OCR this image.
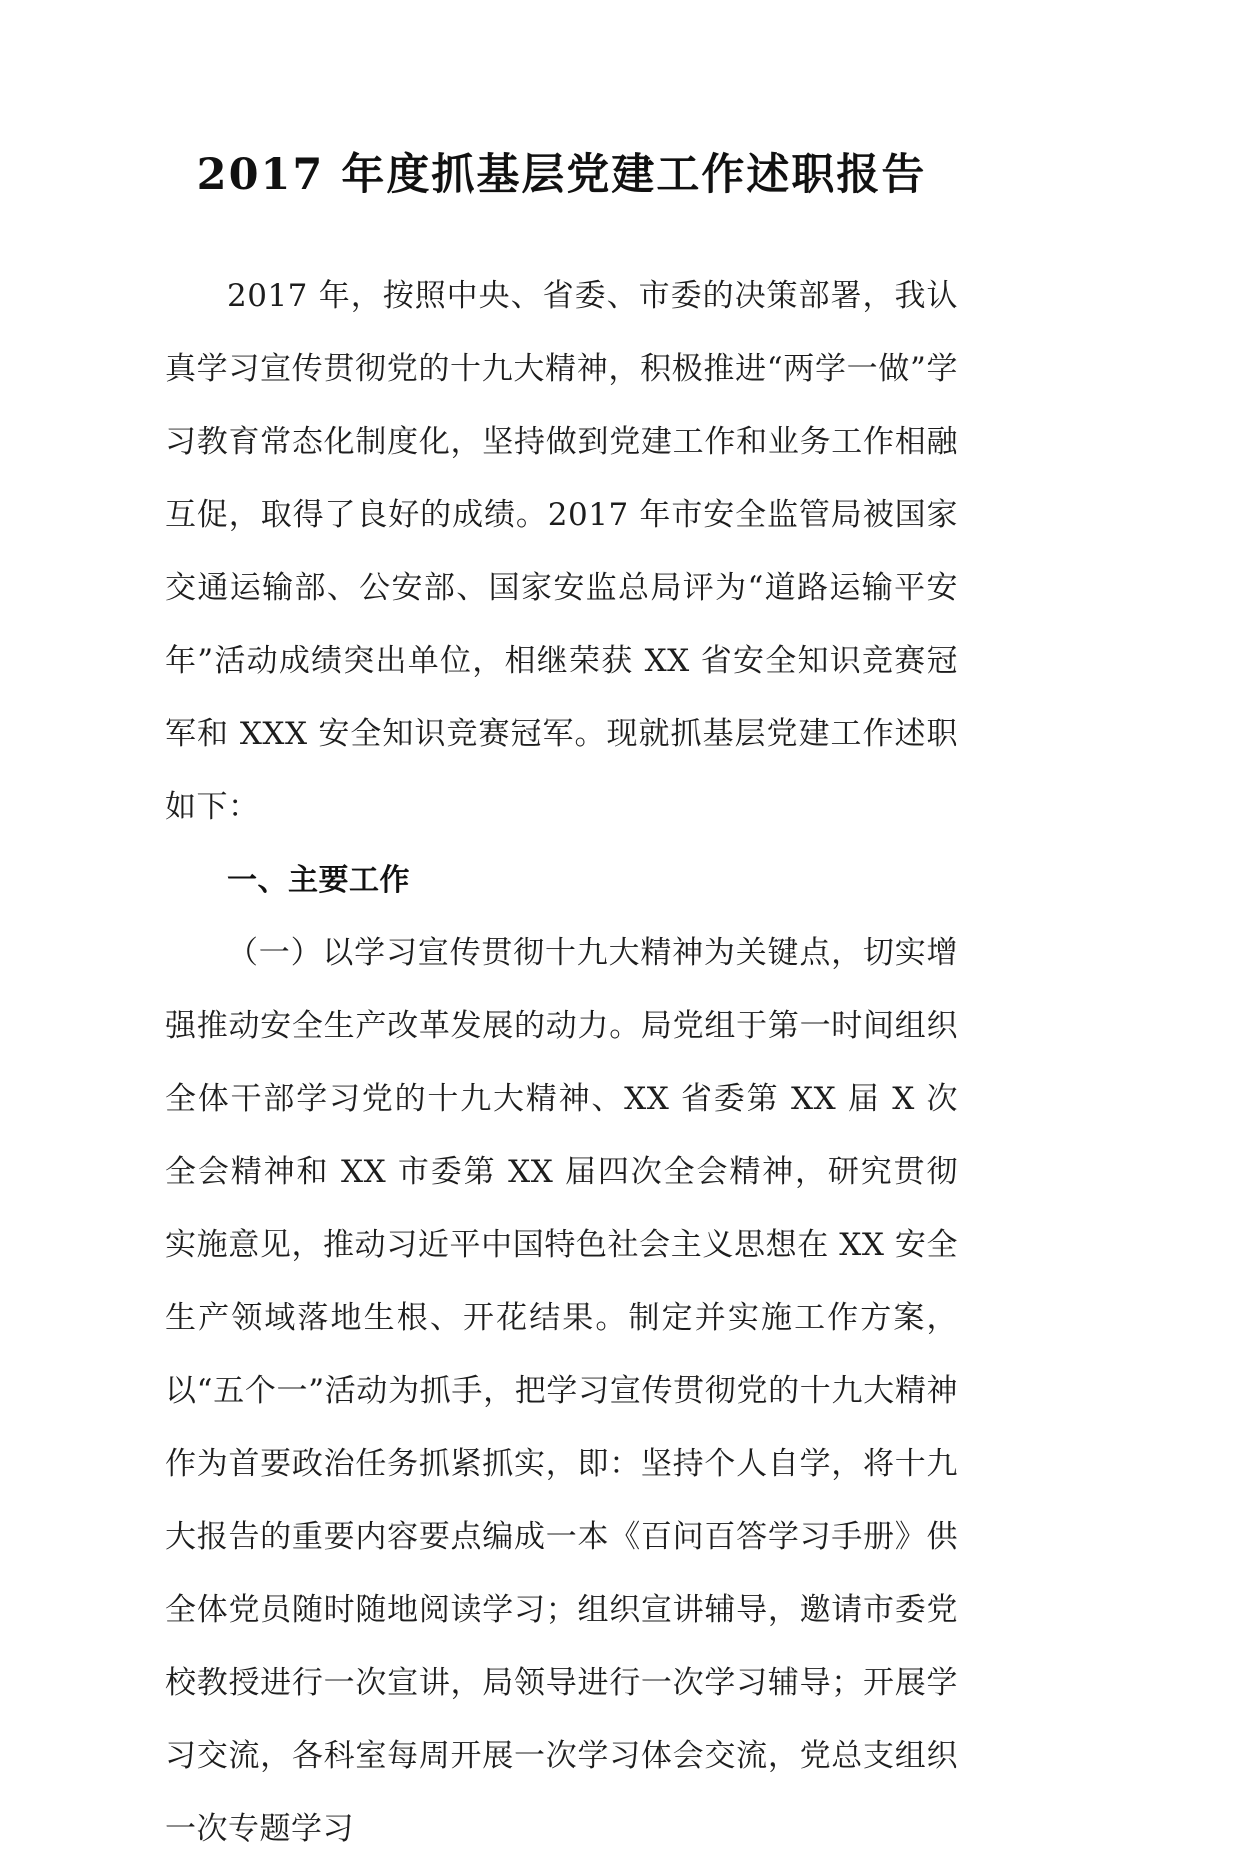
2017 年度抓基层党建工作述职报告

2017 年，按照中央、省委、市委的决策部署，我认真学习宣传贯彻党的十九大精神，积极推进“两学一做”学习教育常态化制度化，坚持做到党建工作和业务工作相融互促，取得了良好的成绩。2017 年市安全监管局被国家交通运输部、公安部、国家安监总局评为“道路运输平安年”活动成绩突出单位，相继荣获 XX 省安全知识竞赛冠军和 XXX 安全知识竞赛冠军。现就抓基层党建工作述职如下：

一、主要工作

（一）以学习宣传贯彻十九大精神为关键点，切实增强推动安全生产改革发展的动力。局党组于第一时间组织全体干部学习党的十九大精神、XX 省委第 XX 届 X 次全会精神和 XX 市委第 XX 届四次全会精神，研究贯彻实施意见，推动习近平中国特色社会主义思想在 XX 安全生产领域落地生根、开花结果。制定并实施工作方案，以“五个一”活动为抓手，把学习宣传贯彻党的十九大精神作为首要政治任务抓紧抓实，即：坚持个人自学，将十九大报告的重要内容要点编成一本《百问百答学习手册》供全体党员随时随地阅读学习；组织宣讲辅导，邀请市委党校教授进行一次宣讲，局领导进行一次学习辅导；开展学习交流，各科室每周开展一次学习体会交流，党总支组织一次专题学习
